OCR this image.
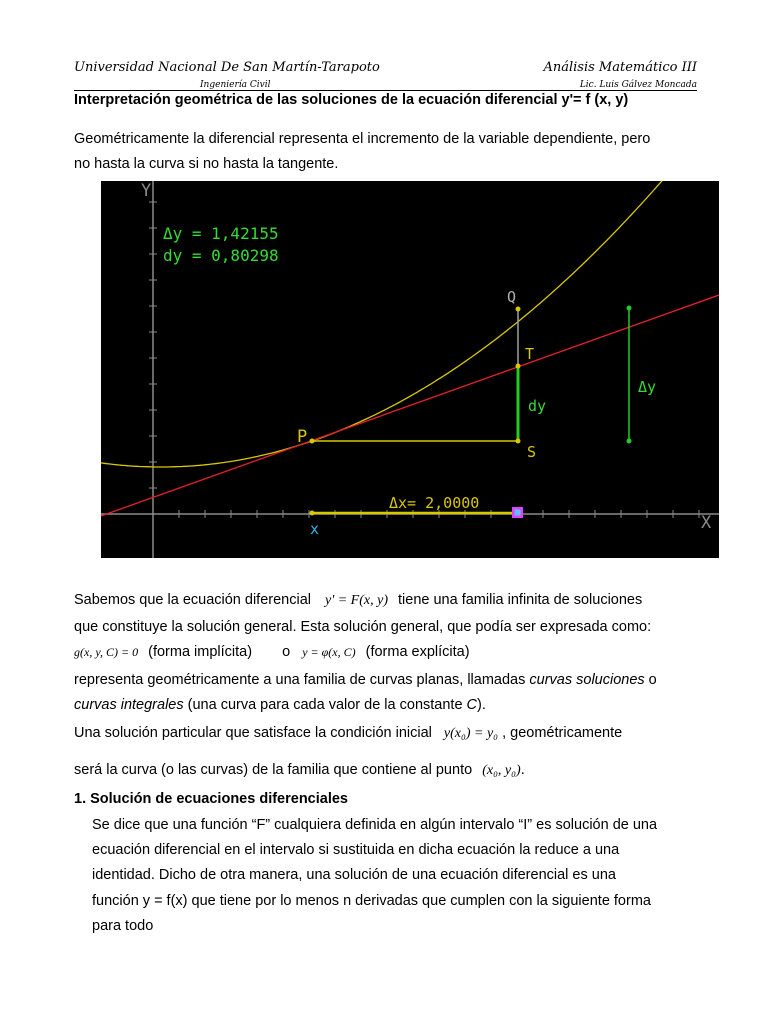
Universidad Nacional De San Martín-Tarapoto	Análisis Matemático III
Ingeniería Civil	Lic. Luis Gálvez Moncada
Interpretación geométrica de las soluciones de la ecuación diferencial y'= f (x, y)
Geométricamente la diferencial representa el incremento de la variable dependiente, pero
no hasta la curva si no hasta la tangente.
X
Y
P
Q
T
S
dy
Δy
x
Δx= 2,0000
Δy = 1,42155
dy = 0,80298
Sabemos que la ecuación diferencial y' = F(x, y) tiene una familia infinita de soluciones
que constituye la solución general. Esta solución general, que podía ser expresada como:
g(x, y, C) = 0 (forma implícita) o y = φ(x, C) (forma explícita)
representa geométricamente a una familia de curvas planas, llamadas curvas soluciones o
curvas integrales (una curva para cada valor de la constante C).
Una solución particular que satisface la condición inicial y(x₀) = y₀ , geométricamente
será la curva (o las curvas) de la familia que contiene al punto (x₀, y₀).
1. Solución de ecuaciones diferenciales
Se dice que una función “F” cualquiera definida en algún intervalo “I” es solución de una
ecuación diferencial en el intervalo si sustituida en dicha ecuación la reduce a una
identidad. Dicho de otra manera, una solución de una ecuación diferencial es una
función y = f(x) que tiene por lo menos n derivadas que cumplen con la siguiente forma
para todo
